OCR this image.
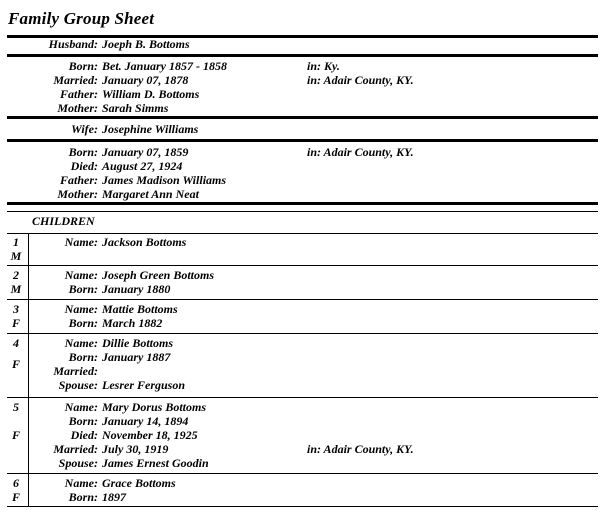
Family Group Sheet
CHILDREN
Husband: Joeph B. Bottoms
Born: Bet. January 1857 - 1858	in: Ky.
Married: January 07, 1878	in: Adair County, KY.
Father: William D. Bottoms
Mother: Sarah Simms
Wife: Josephine Williams
Born: January 07, 1859	in: Adair County, KY.
Died: August 27, 1924
Father: James Madison Williams
Mother: Margaret Ann Neat
1
M
Name: Jackson Bottoms
2
M
Name: Joseph Green Bottoms
Born: January 1880
3
F
Name: Mattie Bottoms
Born: March 1882
4
F
Name: Dillie Bottoms
Born: January 1887
Married:
Spouse: Lesrer Ferguson
5
F
Name: Mary Dorus Bottoms
Born: January 14, 1894
Died: November 18, 1925
Married: July 30, 1919	in: Adair County, KY.
Spouse: James Ernest Goodin
6
F
Name: Grace Bottoms
Born: 1897
